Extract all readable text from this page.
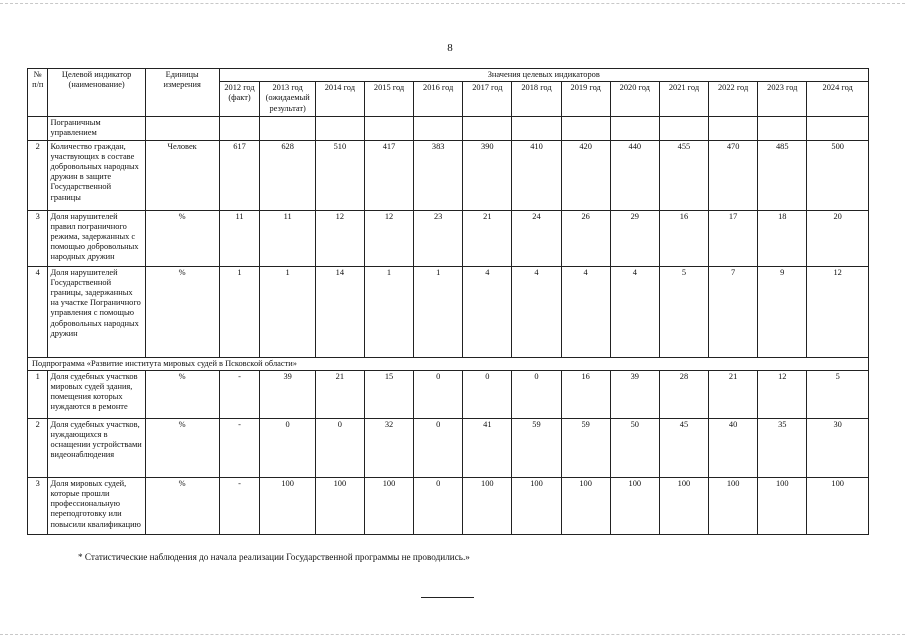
8
№ п/п	Целевой индикатор (наименование)	Единицы измерения	Значения целевых индикаторов												
			2012 год (факт)	2013 год (ожидаемый результат)	2014 год	2015 год	2016 год	2017 год	2018 год	2019 год	2020 год	2021 год	2022 год	2023 год	2024 год
	Пограничным управлением														
2	Количество граждан, участвующих в составе добровольных народных дружин в защите Государственной границы	Человек	617	628	510	417	383	390	410	420	440	455	470	485	500
3	Доля нарушителей правил пограничного режима, задержанных с помощью добровольных народных дружин	%	11	11	12	12	23	21	24	26	29	16	17	18	20
4	Доля нарушителей Государственной границы, задержанных на участке Пограничного управления с помощью добровольных народных дружин	%	1	1	14	1	1	4	4	4	4	5	7	9	12
Подпрограмма «Развитие института мировых судей в Псковской области»															
1	Доля судебных участков мировых судей здания, помещения которых нуждаются в ремонте	%	-	39	21	15	0	0	0	16	39	28	21	12	5
2	Доля судебных участков, нуждающихся в оснащении устройствами видеонаблюдения	%	-	0	0	32	0	41	59	59	50	45	40	35	30
3	Доля мировых судей, которые прошли профессиональную переподготовку или повысили квалификацию	%	-	100	100	100	0	100	100	100	100	100	100	100	100
* Статистические наблюдения до начала реализации Государственной программы не проводились.»
